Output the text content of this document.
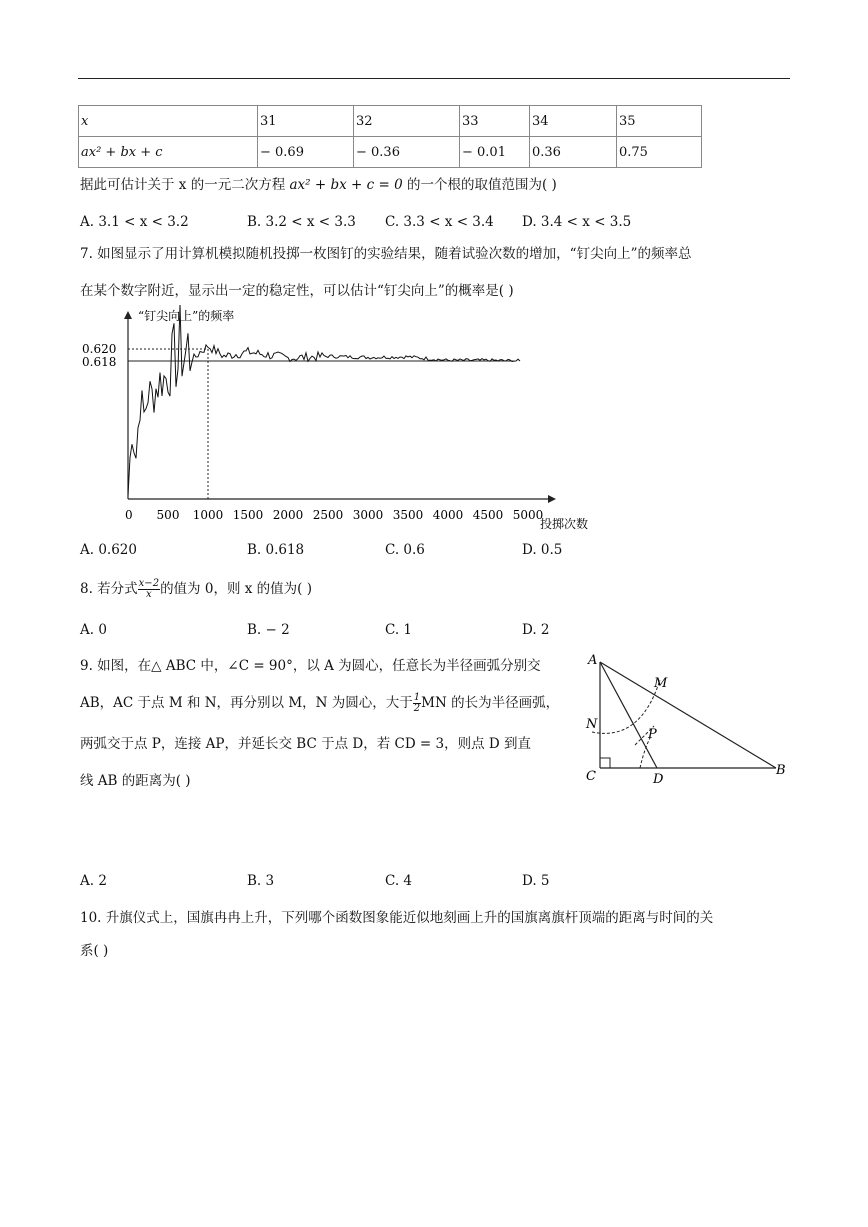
x	31	32	33	34	35
ax² + bx + c	− 0.69	− 0.36	− 0.01	0.36	0.75
据此可估计关于 x 的一元二次方程 ax² + bx + c = 0 的一个根的取值范围为( )
A. 3.1 < x < 3.2	B. 3.2 < x < 3.3 C. 3.3 < x < 3.4 D. 3.4 < x < 3.5
7. 如图显示了用计算机模拟随机投掷一枚图钉的实验结果，随着试验次数的增加，“钉尖向上”的频率总
在某个数字附近，显示出一定的稳定性，可以估计“钉尖向上”的概率是( )
0 500 1000 1500 2000 2500 3000 3500 4000 4500 5000
0.620
0.618
“钉尖向上”的频率
投掷次数
A. 0.620	B. 0.618	C. 0.6	D. 0.5
8. 若分式 $\frac{x-2}{x}$ 的值为 0，则 x 的值为( )
A. 0	B. − 2	C. 1	D. 2
9. 如图，在△ ABC 中，∠C = 90°，以 A 为圆心，任意长为半径画弧分别交
AB，AC 于点 M 和 N，再分别以 M，N 为圆心，大于 $\frac{1}{2}$ MN 的长为半径画弧，
两弧交于点 P，连接 AP，并延长交 BC 于点 D，若 CD = 3，则点 D 到直
线 AB 的距离为( )
A
M
N
P
C	D
B
A. 2	B. 3	C. 4	D. 5
10. 升旗仪式上，国旗冉冉上升，下列哪个函数图象能近似地刻画上升的国旗离旗杆顶端的距离与时间的关
系( )
